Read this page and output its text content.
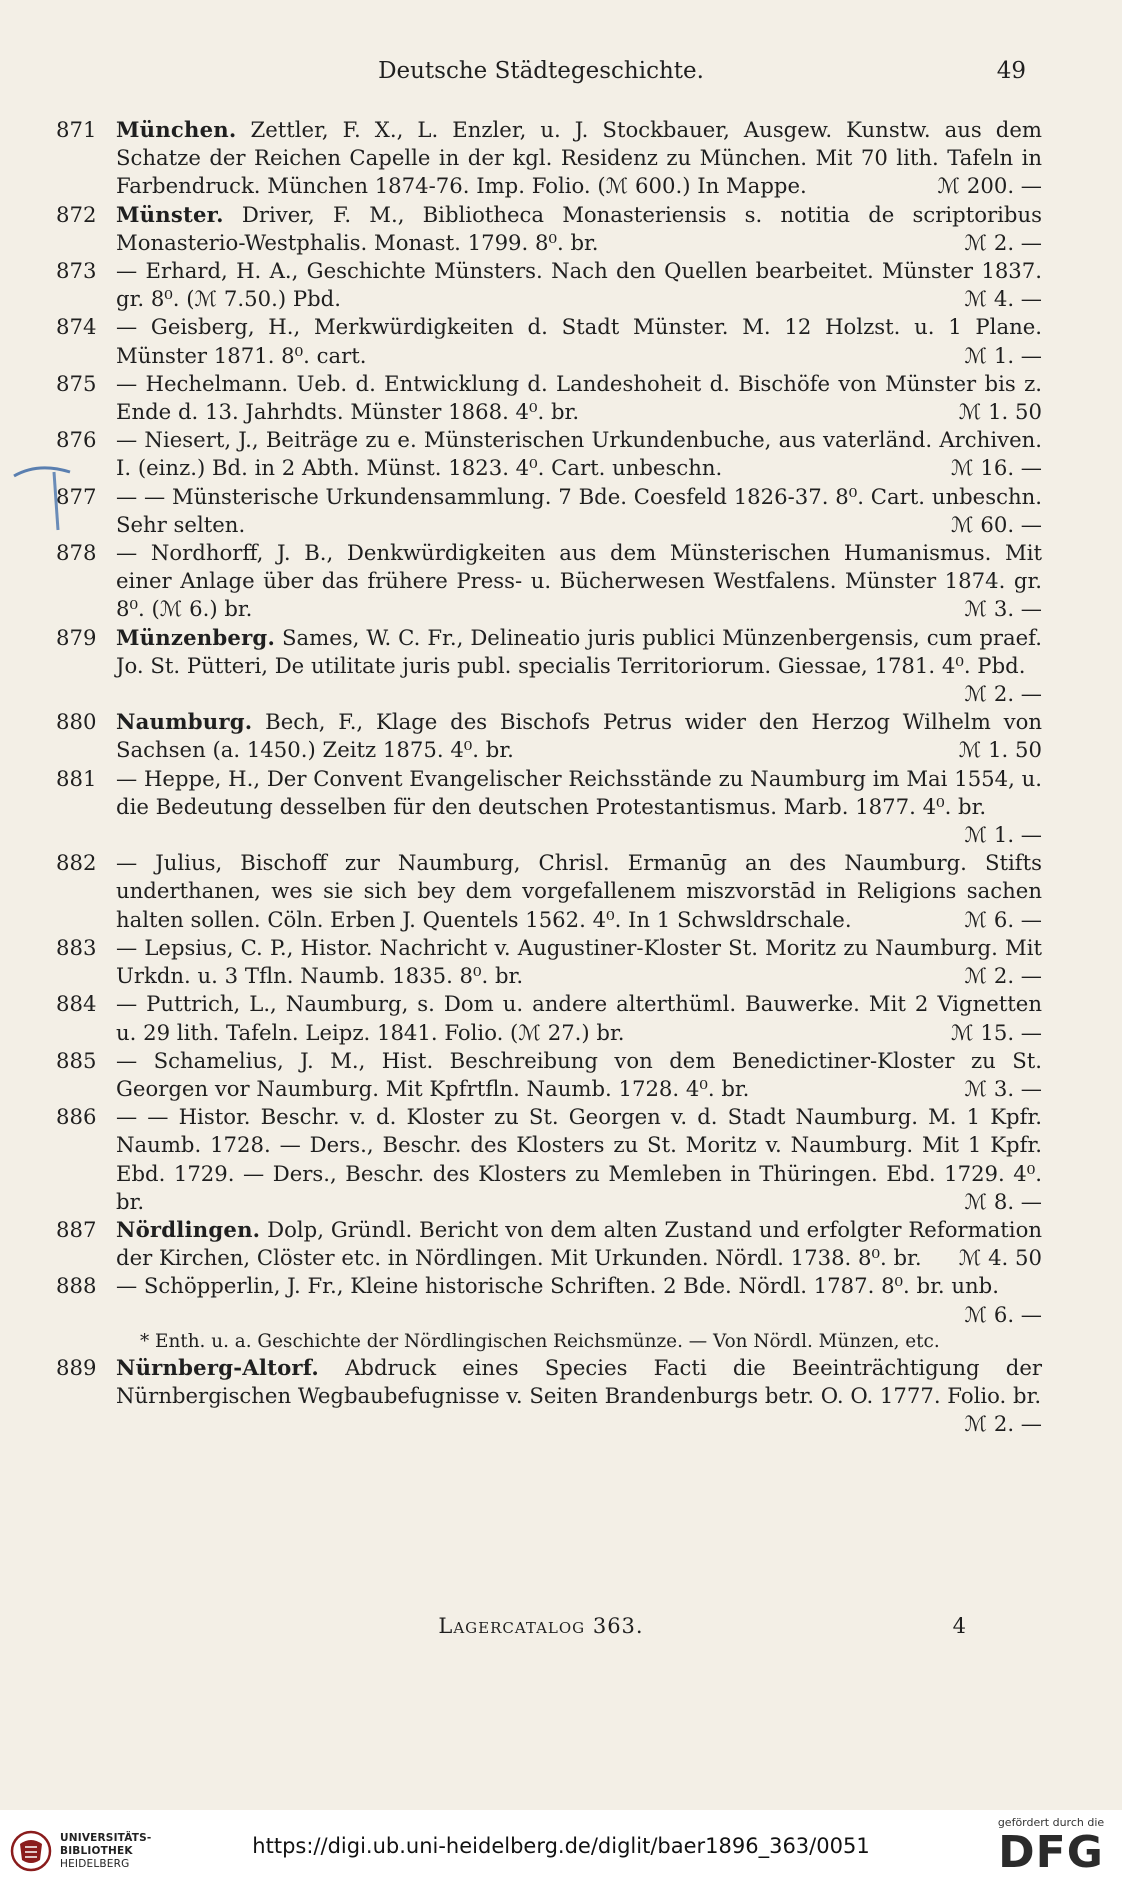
Deutsche Städtegeschichte.	49
871 München. Zettler, F. X., L. Enzler, u. J. Stockbauer, Ausgew. Kunstw. aus dem Schatze der Reichen Capelle in der kgl. Residenz zu München. Mit 70 lith. Tafeln in Farbendruck. München 1874-76. Imp. Folio. (ℳ 600.) In Mappe.	ℳ 200. —
872 Münster. Driver, F. M., Bibliotheca Monasteriensis s. notitia de scriptoribus Monasterio-Westphalis. Monast. 1799. 8⁰. br.	ℳ 2. —
873 — Erhard, H. A., Geschichte Münsters. Nach den Quellen bearbeitet. Münster 1837. gr. 8⁰. (ℳ 7.50.) Pbd.	ℳ 4. —
874 — Geisberg, H., Merkwürdigkeiten d. Stadt Münster. M. 12 Holzst. u. 1 Plane. Münster 1871. 8⁰. cart.	ℳ 1. —
875 — Hechelmann. Ueb. d. Entwicklung d. Landeshoheit d. Bischöfe von Münster bis z. Ende d. 13. Jahrhdts. Münster 1868. 4⁰. br.	ℳ 1. 50
876 — Niesert, J., Beiträge zu e. Münsterischen Urkundenbuche, aus vaterländ. Archiven. I. (einz.) Bd. in 2 Abth. Münst. 1823. 4⁰. Cart. unbeschn.	ℳ 16. —
877 — — Münsterische Urkundensammlung. 7 Bde. Coesfeld 1826-37. 8⁰. Cart. unbeschn. Sehr selten.	ℳ 60. —
878 — Nordhorff, J. B., Denkwürdigkeiten aus dem Münsterischen Humanismus. Mit einer Anlage über das frühere Press- u. Bücherwesen Westfalens. Münster 1874. gr. 8⁰. (ℳ 6.) br.	ℳ 3. —
879 Münzenberg. Sames, W. C. Fr., Delineatio juris publici Münzenbergensis, cum praef. Jo. St. Pütteri, De utilitate juris publ. specialis Territoriorum. Giessae, 1781. 4⁰. Pbd.
ℳ 2. —
880 Naumburg. Bech, F., Klage des Bischofs Petrus wider den Herzog Wilhelm von Sachsen (a. 1450.) Zeitz 1875. 4⁰. br.	ℳ 1. 50
881 — Heppe, H., Der Convent Evangelischer Reichsstände zu Naumburg im Mai 1554, u. die Bedeutung desselben für den deutschen Protestantismus. Marb. 1877. 4⁰. br.
ℳ 1. —
882 — Julius, Bischoff zur Naumburg, Chrisl. Ermanūg an des Naumburg. Stifts underthanen, wes sie sich bey dem vorgefallenem miszvorstād in Religions sachen halten sollen. Cöln. Erben J. Quentels 1562. 4⁰. In 1 Schwsldrschale.	ℳ 6. —
883 — Lepsius, C. P., Histor. Nachricht v. Augustiner-Kloster St. Moritz zu Naumburg. Mit Urkdn. u. 3 Tfln. Naumb. 1835. 8⁰. br.	ℳ 2. —
884 — Puttrich, L., Naumburg, s. Dom u. andere alterthüml. Bauwerke. Mit 2 Vignetten u. 29 lith. Tafeln. Leipz. 1841. Folio. (ℳ 27.) br.	ℳ 15. —
885 — Schamelius, J. M., Hist. Beschreibung von dem Benedictiner-Kloster zu St. Georgen vor Naumburg. Mit Kpfrtfln. Naumb. 1728. 4⁰. br.	ℳ 3. —
886 — — Histor. Beschr. v. d. Kloster zu St. Georgen v. d. Stadt Naumburg. M. 1 Kpfr. Naumb. 1728. — Ders., Beschr. des Klosters zu St. Moritz v. Naumburg. Mit 1 Kpfr. Ebd. 1729. — Ders., Beschr. des Klosters zu Memleben in Thüringen. Ebd. 1729. 4⁰. br.	ℳ 8. —
887 Nördlingen. Dolp, Gründl. Bericht von dem alten Zustand und erfolgter Reformation der Kirchen, Clöster etc. in Nördlingen. Mit Urkunden. Nördl. 1738. 8⁰. br. ℳ 4. 50
888 — Schöpperlin, J. Fr., Kleine historische Schriften. 2 Bde. Nördl. 1787. 8⁰. br. unb.
ℳ 6. —
* Enth. u. a. Geschichte der Nördlingischen Reichsmünze. — Von Nördl. Münzen, etc.
889 Nürnberg-Altorf. Abdruck eines Species Facti die Beeinträchtigung der Nürnbergischen Wegbaubefugnisse v. Seiten Brandenburgs betr. O. O. 1777. Folio. br.
ℳ 2. —
Lagercatalog 363.	4
UNIVERSITÄTS-
BIBLIOTHEK
HEIDELBERG
https://digi.ub.uni-heidelberg.de/diglit/baer1896_363/0051
gefördert durch die
DFG
